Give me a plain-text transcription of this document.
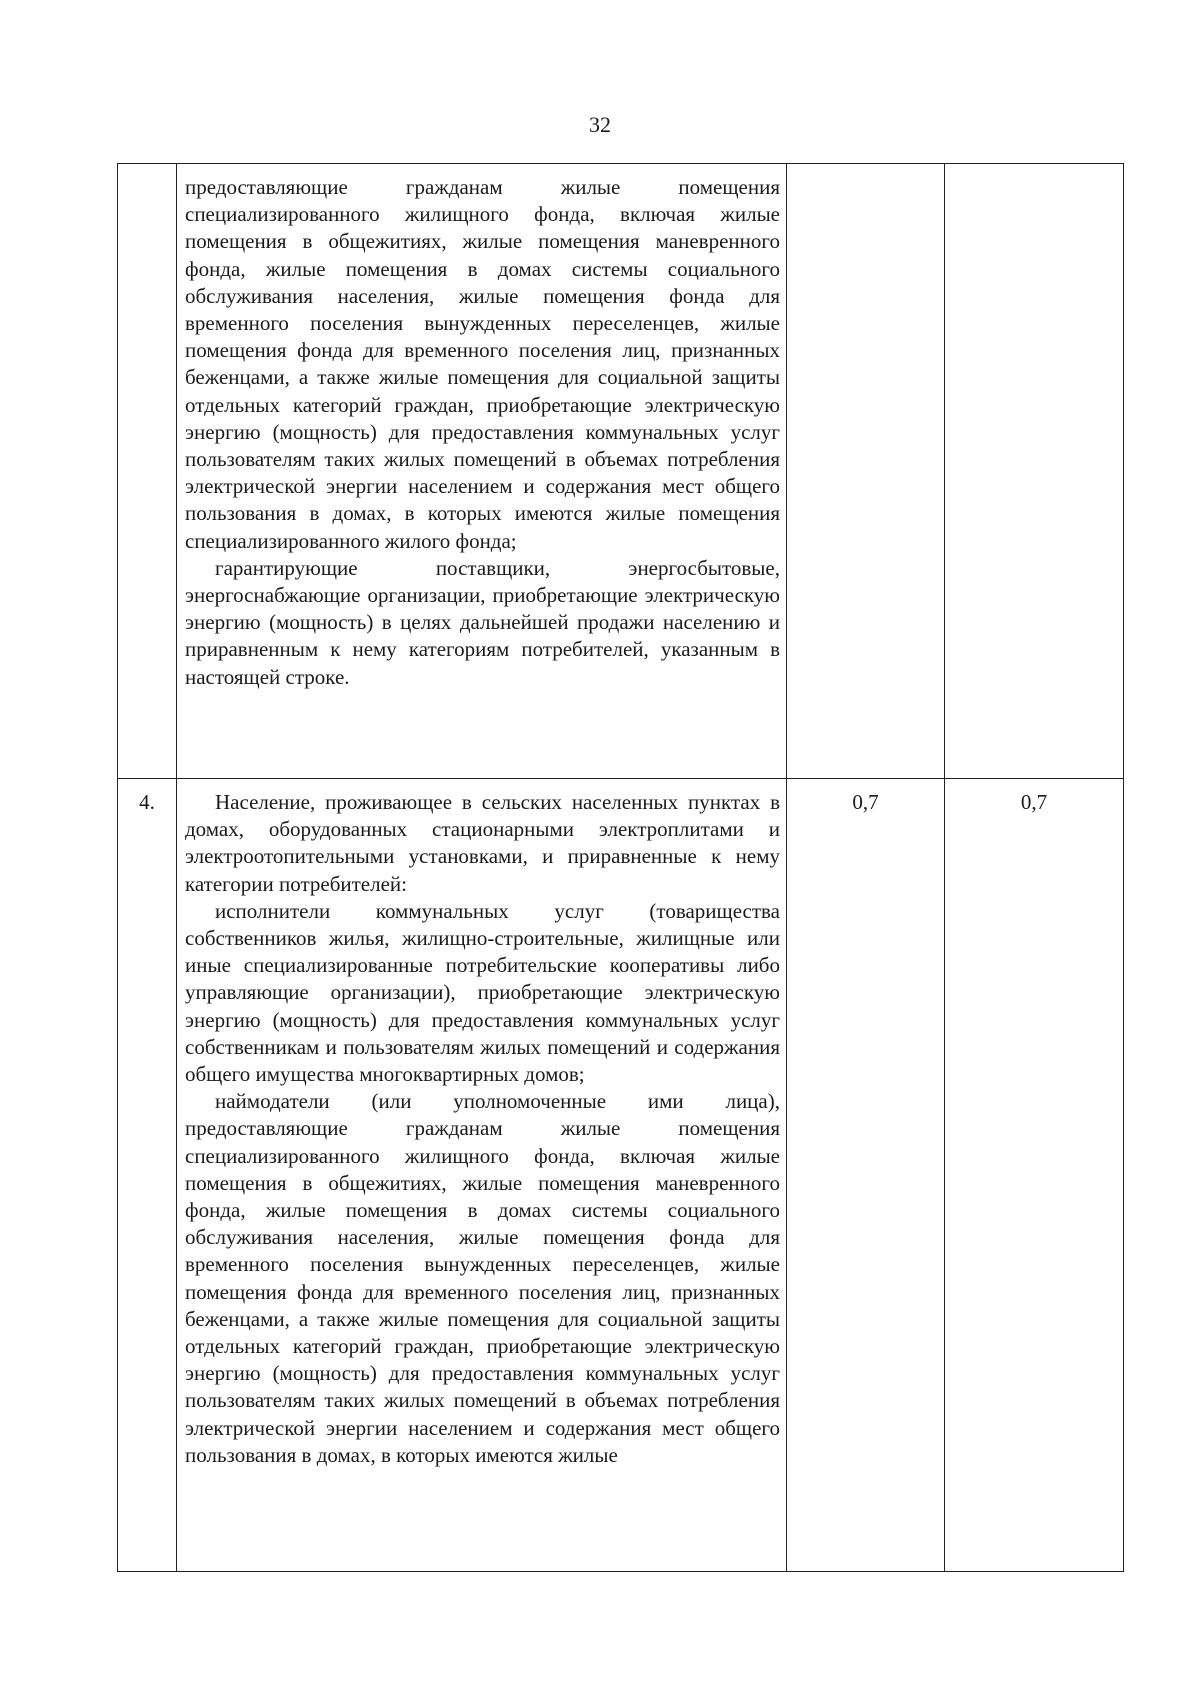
32

	предоставляющие гражданам жилые помещения специализированного жилищного фонда, включая жилые помещения в общежитиях, жилые помещения маневренного фонда, жилые помещения в домах системы социального обслуживания населения, жилые помещения фонда для временного поселения вынужденных переселенцев, жилые помещения фонда для временного поселения лиц, признанных беженцами, а также жилые помещения для социальной защиты отдельных категорий граждан, приобретающие электрическую энергию (мощность) для предоставления коммунальных услуг пользователям таких жилых помещений в объемах потребления электрической энергии населением и содержания мест общего пользования в домах, в которых имеются жилые помещения специализированного жилого фонда;

гарантирующие поставщики, энергосбытовые, энергоснабжающие организации, приобретающие электрическую энергию (мощность) в целях дальнейшей продажи населению и приравненным к нему категориям потребителей, указанным в настоящей строке.		

4.	Население, проживающее в сельских населенных пунктах в домах, оборудованных стационарными электроплитами и электроотопительными установками, и приравненные к нему категории потребителей:

исполнители коммунальных услуг (товарищества собственников жилья, жилищно-строительные, жилищные или иные специализированные потребительские кооперативы либо управляющие организации), приобретающие электрическую энергию (мощность) для предоставления коммунальных услуг собственникам и пользователям жилых помещений и содержания общего имущества многоквартирных домов;

наймодатели (или уполномоченные ими лица), предоставляющие гражданам жилые помещения специализированного жилищного фонда, включая жилые помещения в общежитиях, жилые помещения маневренного фонда, жилые помещения в домах системы социального обслуживания населения, жилые помещения фонда для временного поселения вынужденных переселенцев, жилые помещения фонда для временного поселения лиц, признанных беженцами, а также жилые помещения для социальной защиты отдельных категорий граждан, приобретающие электрическую энергию (мощность) для предоставления коммунальных услуг пользователям таких жилых помещений в объемах потребления электрической энергии населением и содержания мест общего пользования в домах, в которых имеются жилые	0,7	0,7
